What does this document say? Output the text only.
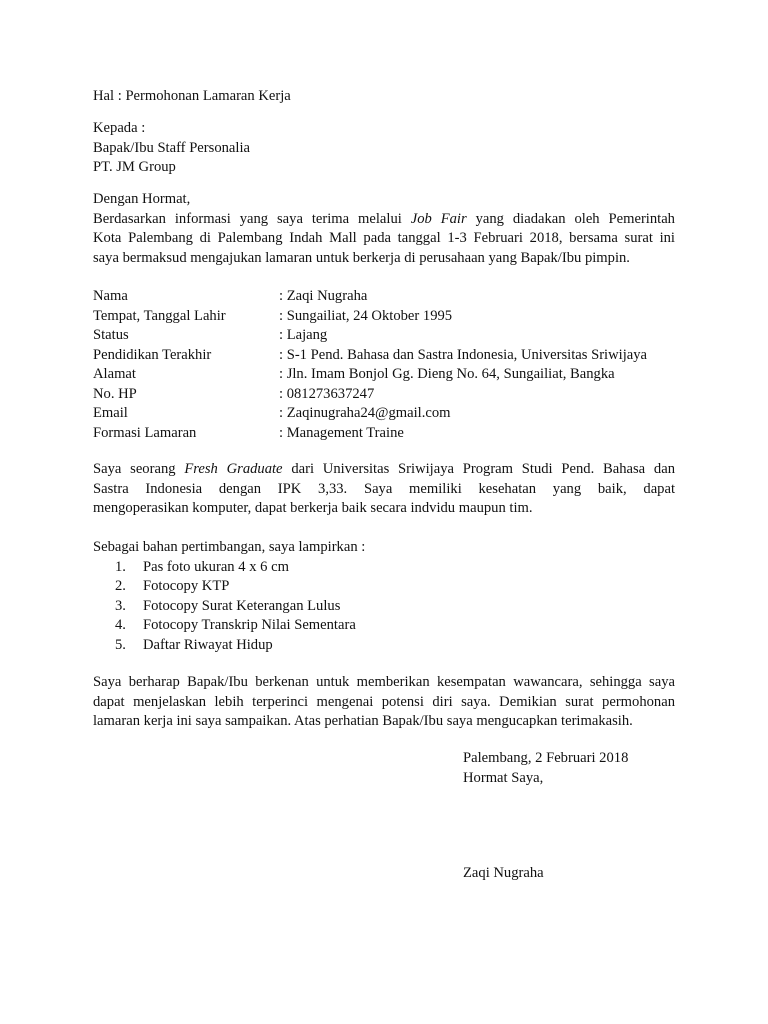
Hal : Permohonan Lamaran Kerja
Kepada :
Bapak/Ibu Staff Personalia
PT. JM Group
Dengan Hormat,
Berdasarkan informasi yang saya terima melalui Job Fair yang diadakan oleh Pemerintah
Kota Palembang di Palembang Indah Mall pada tanggal 1-3 Februari 2018, bersama surat ini
saya bermaksud mengajukan lamaran untuk berkerja di perusahaan yang Bapak/Ibu pimpin.
Nama	: Zaqi Nugraha
Tempat, Tanggal Lahir	: Sungailiat, 24 Oktober 1995
Status	: Lajang
Pendidikan Terakhir	: S-1 Pend. Bahasa dan Sastra Indonesia, Universitas Sriwijaya
Alamat	: Jln. Imam Bonjol Gg. Dieng No. 64, Sungailiat, Bangka
No. HP	: 081273637247
Email	: Zaqinugraha24@gmail.com
Formasi Lamaran	: Management Traine
Saya seorang Fresh Graduate dari Universitas Sriwijaya Program Studi Pend. Bahasa dan
Sastra Indonesia dengan IPK 3,33. Saya memiliki kesehatan yang baik, dapat
mengoperasikan komputer, dapat berkerja baik secara indvidu maupun tim.
Sebagai bahan pertimbangan, saya lampirkan :
1.	Pas foto ukuran 4 x 6 cm
2.	Fotocopy KTP
3.	Fotocopy Surat Keterangan Lulus
4.	Fotocopy Transkrip Nilai Sementara
5.	Daftar Riwayat Hidup
Saya berharap Bapak/Ibu berkenan untuk memberikan kesempatan wawancara, sehingga saya
dapat menjelaskan lebih terperinci mengenai potensi diri saya. Demikian surat permohonan
lamaran kerja ini saya sampaikan. Atas perhatian Bapak/Ibu saya mengucapkan terimakasih.
Palembang, 2 Februari 2018
Hormat Saya,
Zaqi Nugraha
